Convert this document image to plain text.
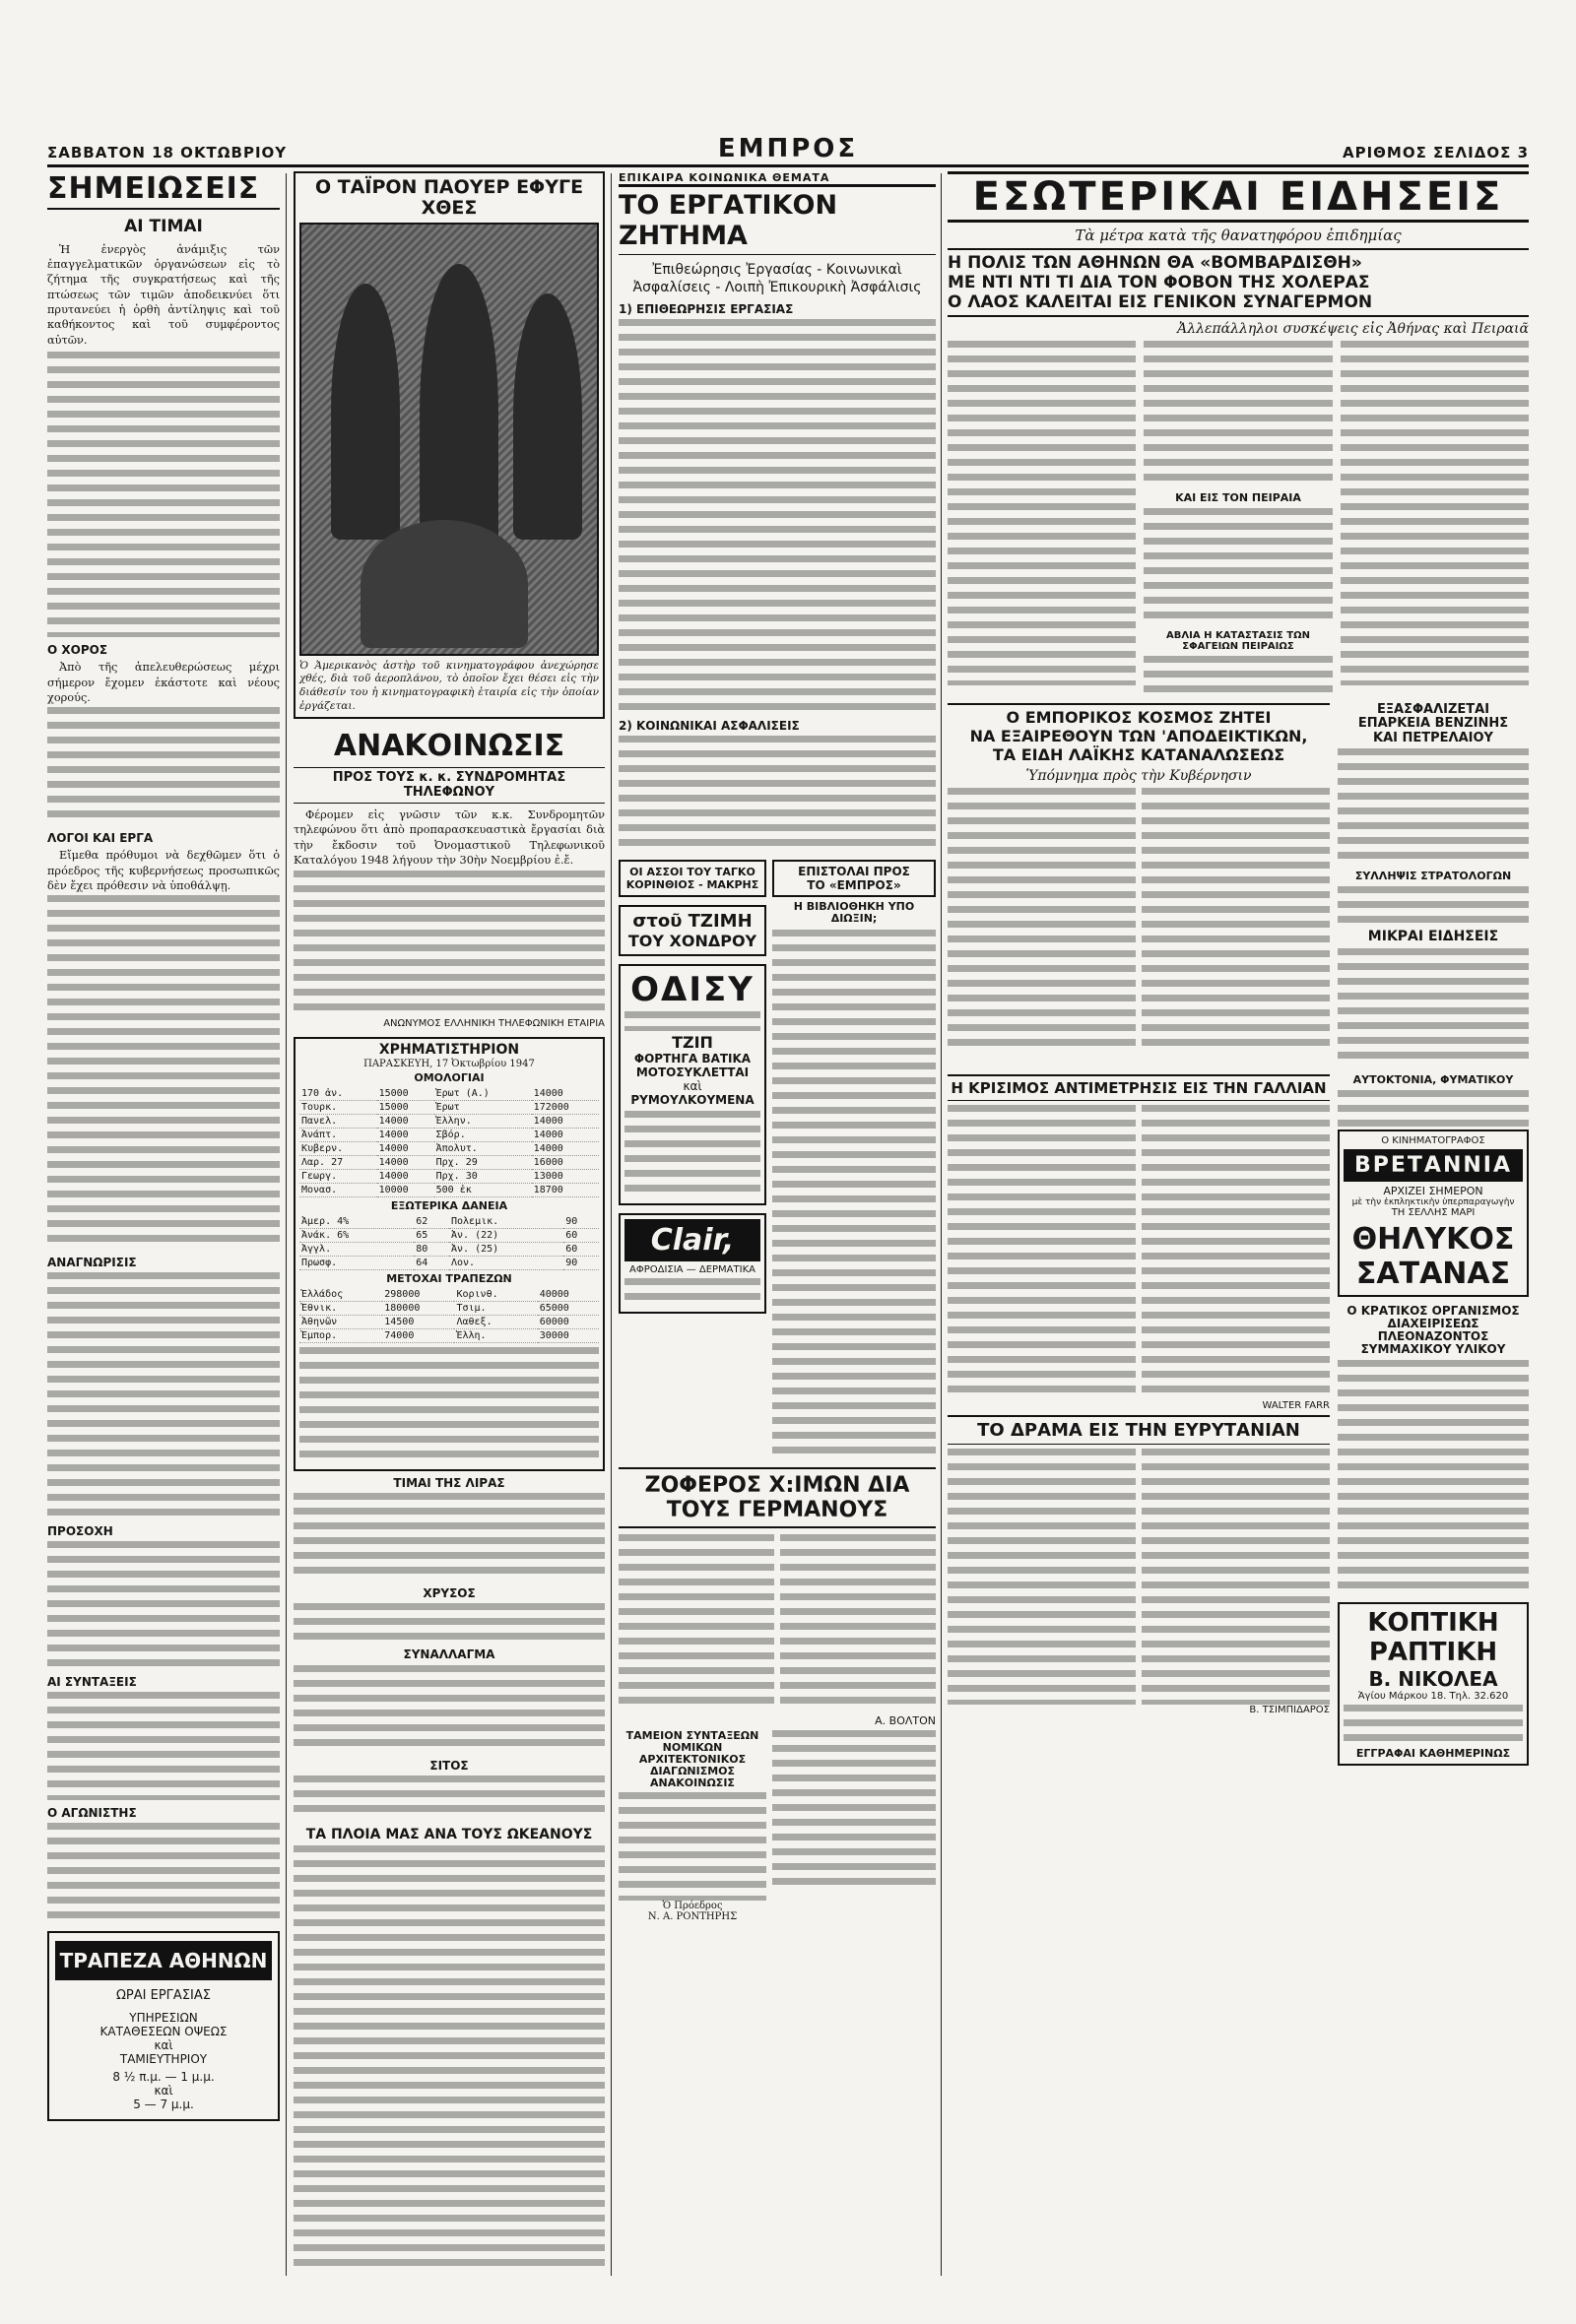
ΣΑΒΒΑΤΟΝ 18 ΟΚΤΩΒΡΙΟΥ	ΕΜΠΡΟΣ	ΑΡΙΘΜΟΣ ΣΕΛΙΔΟΣ 3
ΣΗΜΕΙΩΣΕΙΣ
ΑΙ ΤΙΜΑΙ

Ἡ ἐνεργὸς ἀνάμιξις τῶν ἐπαγγελματικῶν ὀργανώσεων εἰς τὸ ζήτημα τῆς συγκρατήσεως καὶ τῆς πτώσεως τῶν τιμῶν ἀποδεικνύει ὅτι πρυτανεύει ἡ ὀρθὴ ἀντίληψις καὶ τοῦ καθήκοντος καὶ τοῦ συμφέροντος αὐτῶν.

Ο ΧΟΡΟΣ

Ἀπὸ τῆς ἀπελευθερώσεως μέχρι σήμερον ἔχομεν ἑκάστοτε καὶ νέους χορούς.

ΛΟΓΟΙ ΚΑΙ ΕΡΓΑ

Εἴμεθα πρόθυμοι νὰ δεχθῶμεν ὅτι ὁ πρόεδρος τῆς κυβερνήσεως προσωπικῶς δὲν ἔχει πρόθεσιν νὰ ὑποθάλψῃ.

ΑΝΑΓΝΩΡΙΣΙΣ
ΠΡΟΣΟΧΗ
ΑΙ ΣΥΝΤΑΞΕΙΣ
Ο ΑΓΩΝΙΣΤΗΣ
ΤΡΑΠΕΖΑ ΑΘΗΝΩΝ
ΩΡΑΙ ΕΡΓΑΣΙΑΣ
ΥΠΗΡΕΣΙΩΝ
ΚΑΤΑΘΕΣΕΩΝ ΟΨΕΩΣ
καὶ
ΤΑΜΙΕΥΤΗΡΙΟΥ
8 ½ π.μ. — 1 μ.μ.
καὶ
5 — 7 μ.μ.
Ο ΤΑΪΡΟΝ ΠΑΟΥΕΡ ΕΦΥΓΕ ΧΘΕΣ
Ὁ Ἀμερικανὸς ἀστὴρ τοῦ κινηματογράφου ἀνεχώρησε χθές, διὰ τοῦ ἀεροπλάνου, τὸ ὁποῖον ἔχει θέσει εἰς τὴν διάθεσίν του ἡ κινηματογραφικὴ ἑταιρία εἰς τὴν ὁποίαν ἐργάζεται.
ΑΝΑΚΟΙΝΩΣΙΣ
ΠΡΟΣ ΤΟΥΣ κ. κ. ΣΥΝΔΡΟΜΗΤΑΣ ΤΗΛΕΦΩΝΟΥ

Φέρομεν εἰς γνῶσιν τῶν κ.κ. Συνδρομητῶν τηλεφώνου ὅτι ἀπὸ προπαρασκευαστικὰ ἔργασίαι διὰ τὴν ἔκδοσιν τοῦ Ὀνομαστικοῦ Τηλεφωνικοῦ Καταλόγου 1948 λήγουν τὴν 30ὴν Νοεμβρίου ἐ.ἔ.

ΑΝΩΝΥΜΟΣ ΕΛΛΗΝΙΚΗ ΤΗΛΕΦΩΝΙΚΗ ΕΤΑΙΡΙΑ
ΧΡΗΜΑΤΙΣΤΗΡΙΟΝ
ΠΑΡΑΣΚΕΥΗ, 17 Ὀκτωβρίου 1947
ΟΜΟΛΟΓΙΑΙ
170 ἀν.	15000	Ἑρωτ (Α.)	14000
Τουρκ.	15000	Ἑρωτ	172000
Πανελ.	14000	Ἐλλην.	14000
Ἀνάπτ.	14000	Σβόρ.	14000
Κυβερν.	14000	Ἀπολυτ.	14000
Λαρ. 27	14000	Πρχ. 29	16000
Γεωργ.	14000	Πρχ. 30	13000
Μονασ.	10000	500 ἐκ	18700
ΕΞΩΤΕΡΙΚΑ ΔΑΝΕΙΑ
Ἀμερ. 4%	62	Πολεμικ.	90
Ἀνάκ. 6%	65	Ἀν. (22)	60
Ἀγγλ.	80	Ἀν. (25)	60
Πρωσφ.	64	Λον.	90
ΜΕΤΟΧΑΙ ΤΡΑΠΕΖΩΝ
Ἑλλάδος	298000	Κορινθ.	40000
Ἐθνικ.	180000	Τσιμ.	65000
Ἀθηνῶν	14500	Λαθεξ.	60000
Ἐμπορ.	74000	Ἐλλη.	30000
ΤΙΜΑΙ ΤΗΣ ΛΙΡΑΣ
ΧΡΥΣΟΣ
ΣΥΝΑΛΛΑΓΜΑ
ΣΙΤΟΣ
ΤΑ ΠΛΟΙΑ ΜΑΣ ΑΝΑ ΤΟΥΣ ΩΚΕΑΝΟΥΣ
ΕΠΙΚΑΙΡΑ ΚΟΙΝΩΝΙΚΑ ΘΕΜΑΤΑ
ΤΟ ΕΡΓΑΤΙΚΟΝ ΖΗΤΗΜΑ
Ἐπιθεώρησις Ἐργασίας - Κοινωνικαὶ Ἀσφαλίσεις - Λοιπὴ Ἐπικουρικὴ Ἀσφάλισις
1) ΕΠΙΘΕΩΡΗΣΙΣ ΕΡΓΑΣΙΑΣ
2) ΚΟΙΝΩΝΙΚΑΙ ΑΣΦΑΛΙΣΕΙΣ
ΟΙ ΑΣΣΟΙ ΤΟΥ ΤΑΓΚΟ
ΚΟΡΙΝΘΙΟΣ - ΜΑΚΡΗΣ
στοῦ ΤΖΙΜΗ
ΤΟΥ ΧΟΝΔΡΟΥ
ΟΔΙΣΥ
ΤΖΙΠ
ΦΟΡΤΗΓΑ ΒΑΤΙΚΑ
ΜΟΤΟΣΥΚΛΕΤΤΑΙ
καὶ
ΡΥΜΟΥΛΚΟΥΜΕΝΑ
Clair,
ΑΦΡΟΔΙΣΙΑ — ΔΕΡΜΑΤΙΚΑ
ΕΠΙΣΤΟΛΑΙ ΠΡΟΣ
ΤΟ «ΕΜΠΡΟΣ»
Η ΒΙΒΛΙΟΘΗΚΗ ΥΠΟ ΔΙΩΞΙΝ;
ΖΟΦΕΡΟΣ Χ:ΙΜΩΝ ΔΙΑ ΤΟΥΣ ΓΕΡΜΑΝΟΥΣ
Α. ΒΟΛΤΟΝ
ΤΑΜΕΙΟΝ ΣΥΝΤΑΞΕΩΝ ΝΟΜΙΚΩΝ
ΑΡΧΙΤΕΚΤΟΝΙΚΟΣ ΔΙΑΓΩΝΙΣΜΟΣ
ΑΝΑΚΟΙΝΩΣΙΣ
Ὁ Πρόεδρος
Ν. Α. ΡΟΝΤΗΡΗΣ
ΕΣΩΤΕΡΙΚΑΙ ΕΙΔΗΣΕΙΣ
Τὰ μέτρα κατὰ τῆς θανατηφόρου ἐπιδημίας
Η ΠΟΛΙΣ ΤΩΝ ΑΘΗΝΩΝ ΘΑ «ΒΟΜΒΑΡΔΙΣΘΗ»
ΜΕ ΝΤΙ ΝΤΙ ΤΙ ΔΙΑ ΤΟΝ ΦΟΒΟΝ ΤΗΣ ΧΟΛΕΡΑΣ
Ο ΛΑΟΣ ΚΑΛΕΙΤΑΙ ΕΙΣ ΓΕΝΙΚΟΝ ΣΥΝΑΓΕΡΜΟΝ
Ἀλλεπάλληλοι συσκέψεις εἰς Ἀθήνας καὶ Πειραιᾶ
ΚΑΙ ΕΙΣ ΤΟΝ ΠΕΙΡΑΙΑ
ΑΒΛΙΑ Η ΚΑΤΑΣΤΑΣΙΣ ΤΩΝ ΣΦΑΓΕΙΩΝ ΠΕΙΡΑΙΩΣ
Ο ΕΜΠΟΡΙΚΟΣ ΚΟΣΜΟΣ ΖΗΤΕΙ
ΝΑ ΕΞΑΙΡΕΘΟΥΝ ΤΩΝ 'ΑΠΟΔΕΙΚΤΙΚΩΝ,
ΤΑ ΕΙΔΗ ΛΑΪΚΗΣ ΚΑΤΑΝΑΛΩΣΕΩΣ
Ὑπόμνημα πρὸς τὴν Κυβέρνησιν
ΕΞΑΣΦΑΛΙΖΕΤΑΙ
ΕΠΑΡΚΕΙΑ ΒΕΝΖΙΝΗΣ
ΚΑΙ ΠΕΤΡΕΛΑΙΟΥ
ΣΥΛΛΗΨΙΣ ΣΤΡΑΤΟΛΟΓΩΝ
ΜΙΚΡΑΙ ΕΙΔΗΣΕΙΣ
Η ΚΡΙΣΙΜΟΣ ΑΝΤΙΜΕΤΡΗΣΙΣ ΕΙΣ ΤΗΝ ΓΑΛΛΙΑΝ
WALTER FARR
ΤΟ ΔΡΑΜΑ ΕΙΣ ΤΗΝ ΕΥΡΥΤΑΝΙΑΝ
Β. ΤΣΙΜΠΙΔΑΡΟΣ
ΑΥΤΟΚΤΟΝΙΑ, ΦΥΜΑΤΙΚΟΥ
Ο ΚΙΝΗΜΑΤΟΓΡΑΦΟΣ
ΒΡΕΤΑΝΝΙΑ
ΑΡΧΙΖΕΙ ΣΗΜΕΡΟΝ
μὲ τὴν ἐκπληκτικὴν ὑπερπαραγωγὴν
ΤΗ ΣΕΛΛΗΣ ΜΑΡΙ
ΘΗΛΥΚΟΣ
ΣΑΤΑΝΑΣ
Ο ΚΡΑΤΙΚΟΣ ΟΡΓΑΝΙΣΜΟΣ ΔΙΑΧΕΙΡΙΣΕΩΣ ΠΛΕΟΝΑΖΟΝΤΟΣ ΣΥΜΜΑΧΙΚΟΥ ΥΛΙΚΟΥ
ΚΟΠΤΙΚΗ
ΡΑΠΤΙΚΗ
Β. ΝΙΚΟΛΕΑ
Ἁγίου Μάρκου 18. Τηλ. 32.620
ΕΓΓΡΑΦΑΙ ΚΑΘΗΜΕΡΙΝΩΣ
